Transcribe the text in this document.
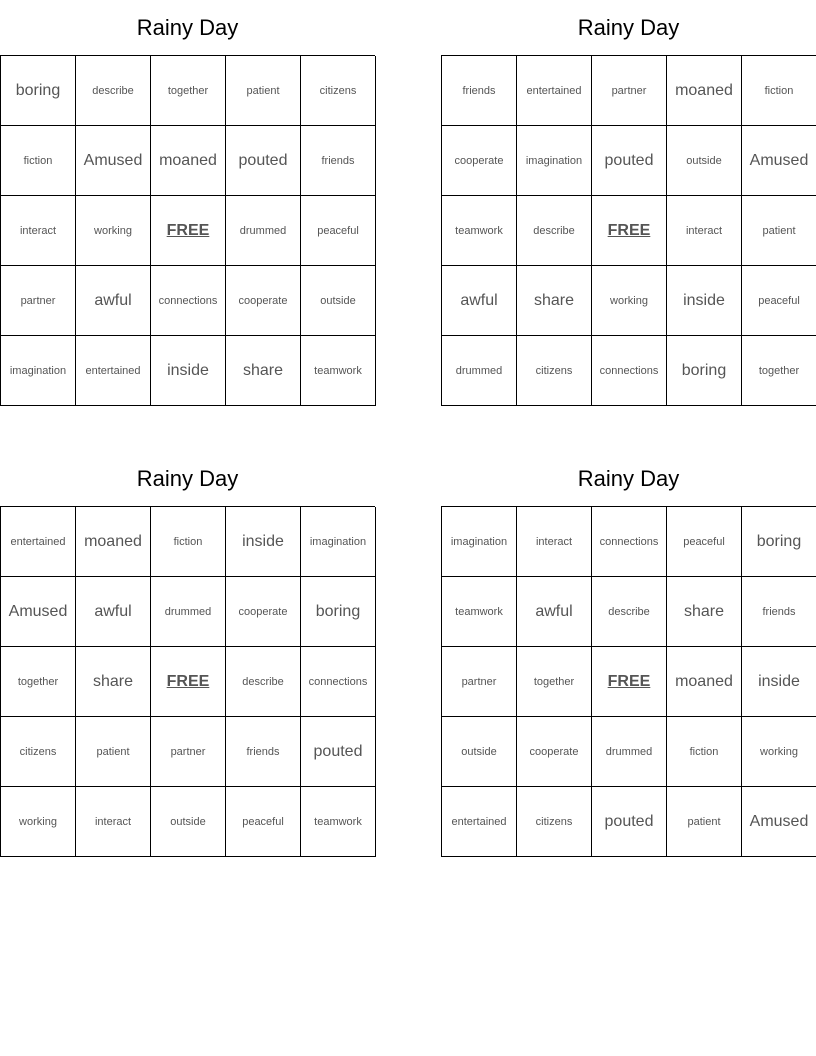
Rainy Day
boring	describe	together	patient	citizens
fiction	Amused	moaned	pouted	friends
interact	working	FREE	drummed	peaceful
partner	awful	connections	cooperate	outside
imagination	entertained	inside	share	teamwork
Rainy Day
friends	entertained	partner	moaned	fiction
cooperate	imagination	pouted	outside	Amused
teamwork	describe	FREE	interact	patient
awful	share	working	inside	peaceful
drummed	citizens	connections	boring	together
Rainy Day
entertained	moaned	fiction	inside	imagination
Amused	awful	drummed	cooperate	boring
together	share	FREE	describe	connections
citizens	patient	partner	friends	pouted
working	interact	outside	peaceful	teamwork
Rainy Day
imagination	interact	connections	peaceful	boring
teamwork	awful	describe	share	friends
partner	together	FREE	moaned	inside
outside	cooperate	drummed	fiction	working
entertained	citizens	pouted	patient	Amused
